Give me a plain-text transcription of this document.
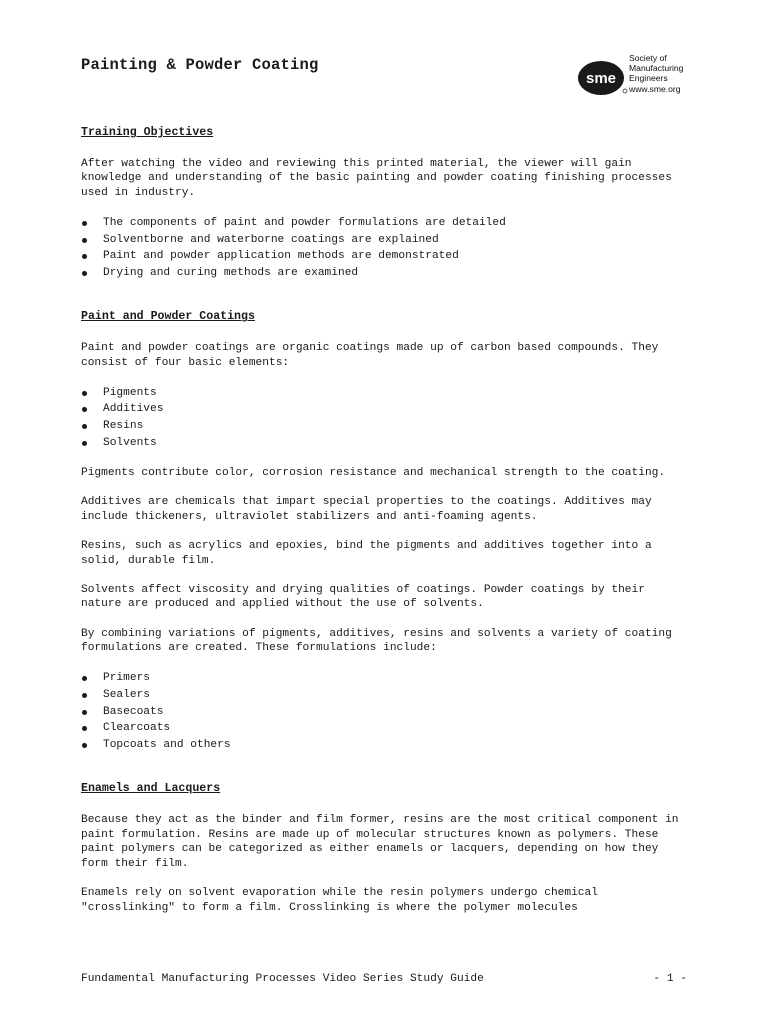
Painting & Powder Coating
sme
Society of
Manufacturing
Engineers
www.sme.org
Training Objectives

After watching the video and reviewing this printed material, the viewer will gain knowledge and understanding of the basic painting and powder coating finishing processes used in industry.

The components of paint and powder formulations are detailed
Solventborne and waterborne coatings are explained
Paint and powder application methods are demonstrated
Drying and curing methods are examined
Paint and Powder Coatings

Paint and powder coatings are organic coatings made up of carbon based compounds. They consist of four basic elements:

Pigments
Additives
Resins
Solvents

Pigments contribute color, corrosion resistance and mechanical strength to the coating.

Additives are chemicals that impart special properties to the coatings. Additives may include thickeners, ultraviolet stabilizers and anti-foaming agents.

Resins, such as acrylics and epoxies, bind the pigments and additives together into a solid, durable film.

Solvents affect viscosity and drying qualities of coatings. Powder coatings by their nature are produced and applied without the use of solvents.

By combining variations of pigments, additives, resins and solvents a variety of coating formulations are created. These formulations include:

Primers
Sealers
Basecoats
Clearcoats
Topcoats and others
Enamels and Lacquers

Because they act as the binder and film former, resins are the most critical component in paint formulation. Resins are made up of molecular structures known as polymers. These paint polymers can be categorized as either enamels or lacquers, depending on how they form their film.

Enamels rely on solvent evaporation while the resin polymers undergo chemical "crosslinking" to form a film. Crosslinking is where the polymer molecules

Fundamental Manufacturing Processes Video Series Study Guide	- 1 -
